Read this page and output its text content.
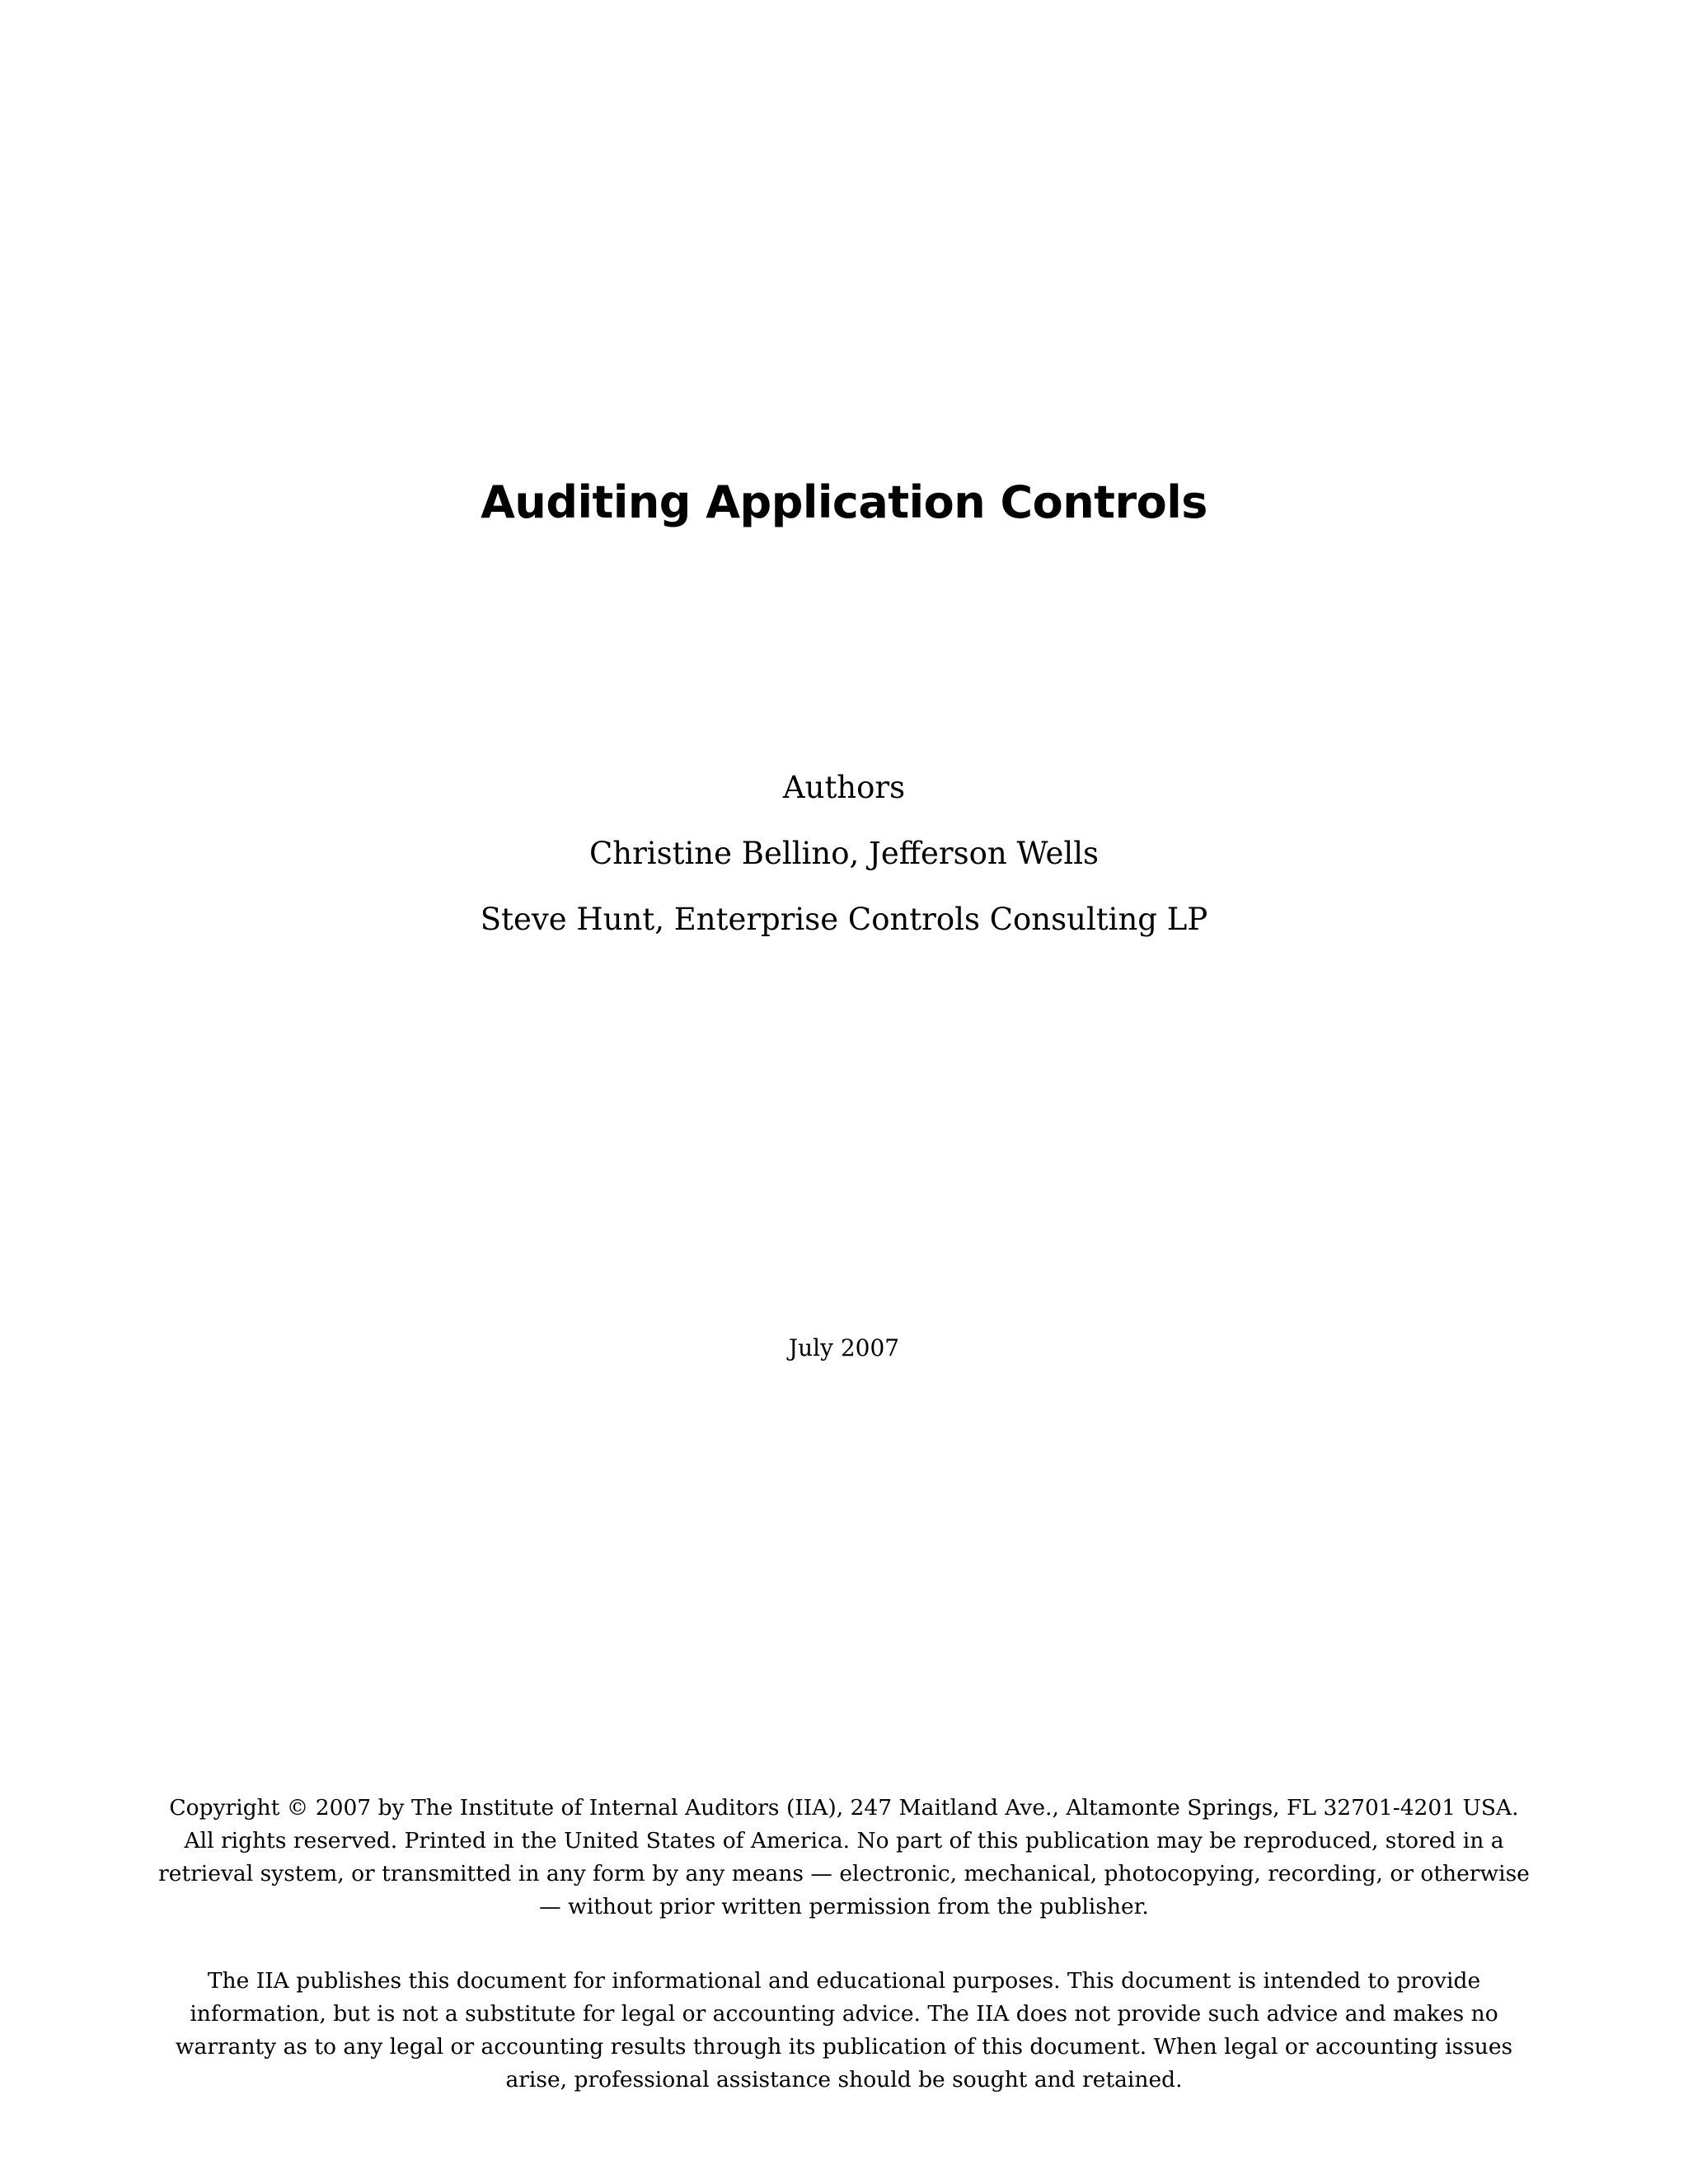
Auditing Application Controls
Authors
Christine Bellino, Jefferson Wells
Steve Hunt, Enterprise Controls Consulting LP
July 2007

Copyright © 2007 by The Institute of Internal Auditors (IIA), 247 Maitland Ave., Altamonte Springs, FL 32701-4201 USA. All rights reserved. Printed in the United States of America. No part of this publication may be reproduced, stored in a retrieval system, or transmitted in any form by any means — electronic, mechanical, photocopying, recording, or otherwise — without prior written permission from the publisher.

The IIA publishes this document for informational and educational purposes. This document is intended to provide information, but is not a substitute for legal or accounting advice. The IIA does not provide such advice and makes no warranty as to any legal or accounting results through its publication of this document. When legal or accounting issues arise, professional assistance should be sought and retained.
